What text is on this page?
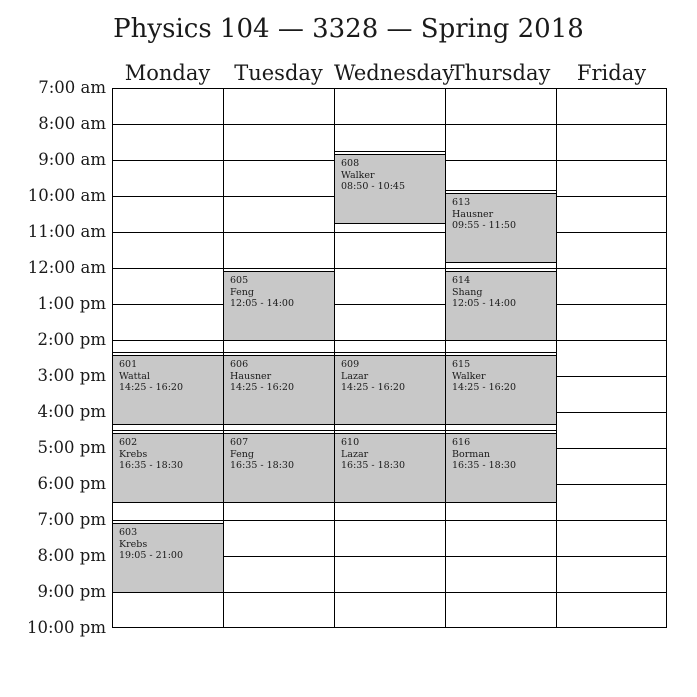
Physics 104 — 3328 — Spring 2018
601
Wattal
14:25 - 16:20
602
Krebs
16:35 - 18:30
603
Krebs
19:05 - 21:00
605
Feng
12:05 - 14:00
606
Hausner
14:25 - 16:20
607
Feng
16:35 - 18:30
608
Walker
08:50 - 10:45
609
Lazar
14:25 - 16:20
610
Lazar
16:35 - 18:30
613
Hausner
09:55 - 11:50
614
Shang
12:05 - 14:00
615
Walker
14:25 - 16:20
616
Borman
16:35 - 18:30
Monday	Tuesday Wednesday
Thursday	Friday
7:00 am
8:00 am
9:00 am
10:00 am
11:00 am
12:00 am
1:00 pm
2:00 pm
3:00 pm
4:00 pm
5:00 pm
6:00 pm
7:00 pm
8:00 pm
9:00 pm
10:00 pm
